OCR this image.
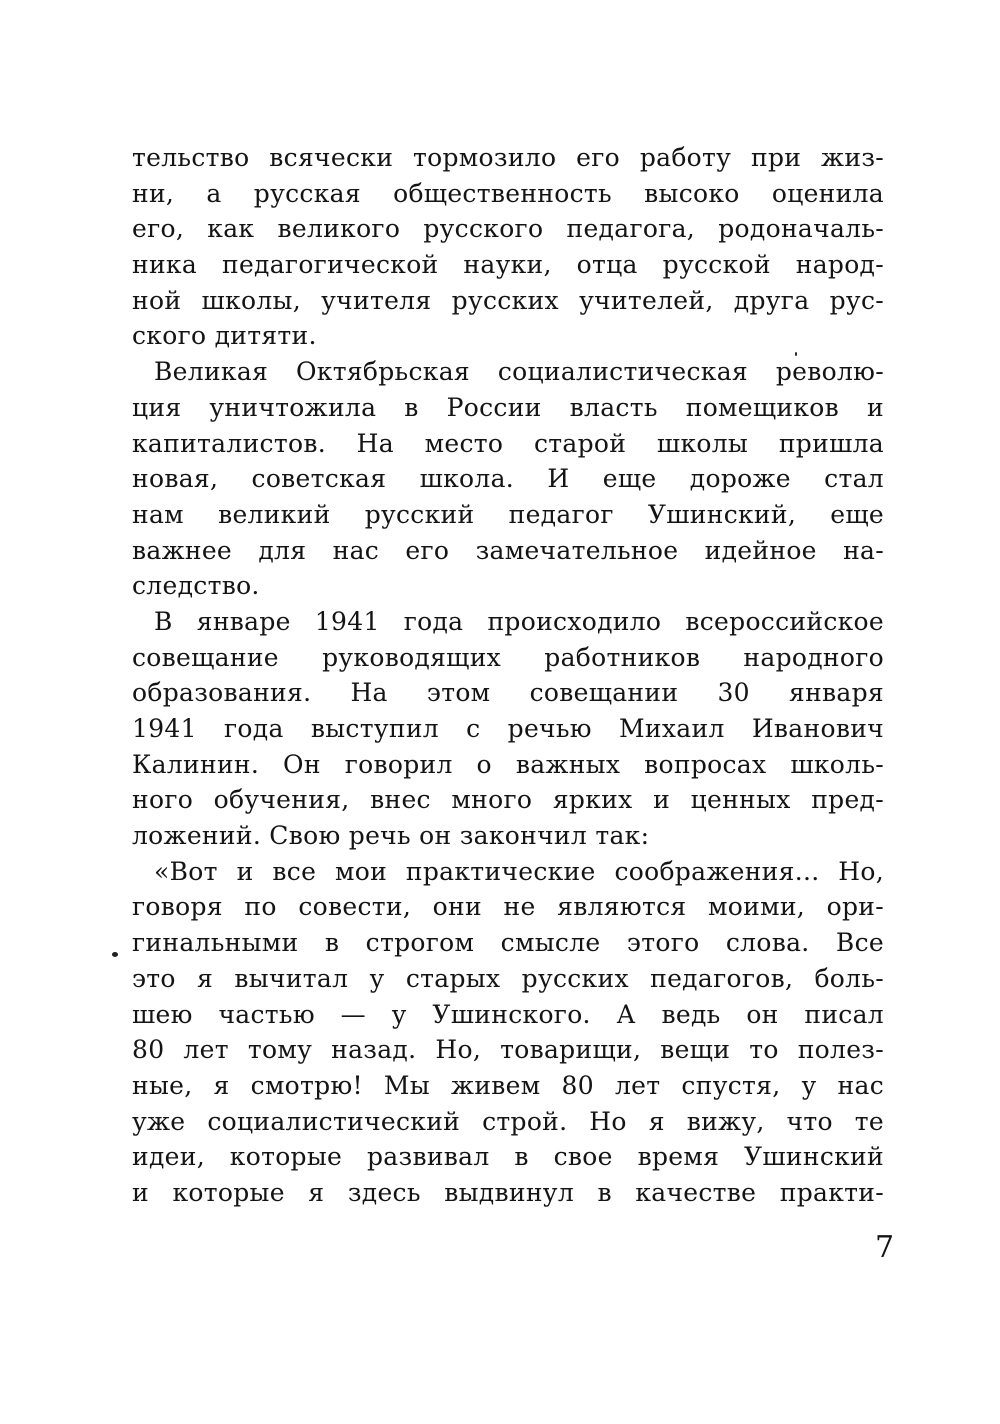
тельство всячески тормозило его работу при жиз-
ни, а русская общественность высоко оценила
его, как великого русского педагога, родоначаль-
ника педагогической науки, отца русской народ-
ной школы, учителя русских учителей, друга рус-
ского дитяти.
Великая Октябрьская социалистическая револю-
ция уничтожила в России власть помещиков и
капиталистов. На место старой школы пришла
новая, советская школа. И еще дороже стал
нам великий русский педагог Ушинский, еще
важнее для нас его замечательное идейное на-
следство.
В январе 1941 года происходило всероссийское
совещание руководящих работников народного
образования. На этом совещании 30 января
1941 года выступил с речью Михаил Иванович
Калинин. Он говорил о важных вопросах школь-
ного обучения, внес много ярких и ценных пред-
ложений. Свою речь он закончил так:
«Вот и все мои практические соображения... Но,
говоря по совести, они не являются моими, ори-
гинальными в строгом смысле этого слова. Все
это я вычитал у старых русских педагогов, боль-
шею частью — у Ушинского. А ведь он писал
80 лет тому назад. Но, товарищи, вещи то полез-
ные, я смотрю! Мы живем 80 лет спустя, у нас
уже социалистический строй. Но я вижу, что те
идеи, которые развивал в свое время Ушинский
и которые я здесь выдвинул в качестве практи-
7
